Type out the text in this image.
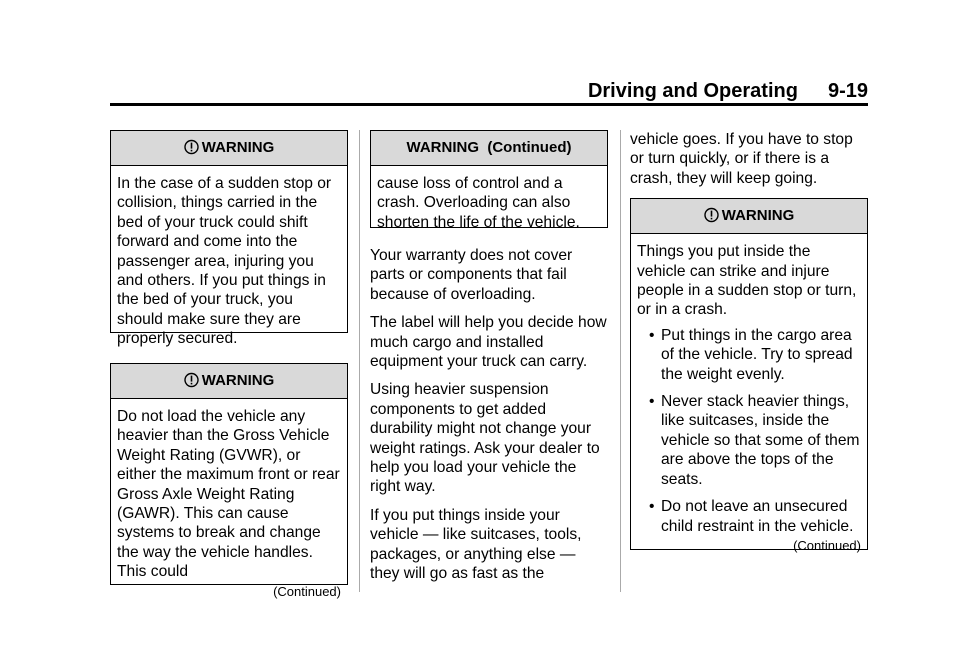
Driving and Operating 9-19
WARNING

In the case of a sudden stop or collision, things carried in the bed of your truck could shift forward and come into the passenger area, injuring you and others. If you put things in the bed of your truck, you should make sure they are properly secured.

WARNING

Do not load the vehicle any heavier than the Gross Vehicle Weight Rating (GVWR), or either the maximum front or rear Gross Axle Weight Rating (GAWR). This can cause systems to break and change the way the vehicle handles. This could

(Continued)
WARNING  (Continued)

cause loss of control and a crash. Overloading can also shorten the life of the vehicle.

Your warranty does not cover parts or components that fail because of overloading.

The label will help you decide how much cargo and installed equipment your truck can carry.

Using heavier suspension components to get added durability might not change your weight ratings. Ask your dealer to help you load your vehicle the right way.

If you put things inside your vehicle — like suitcases, tools, packages, or anything else — they will go as fast as the

vehicle goes. If you have to stop or turn quickly, or if there is a crash, they will keep going.

WARNING

Things you put inside the vehicle can strike and injure people in a sudden stop or turn, or in a crash.

• Put things in the cargo area of the vehicle. Try to spread the weight evenly.
• Never stack heavier things, like suitcases, inside the vehicle so that some of them are above the tops of the seats.
• Do not leave an unsecured child restraint in the vehicle.
(Continued)
